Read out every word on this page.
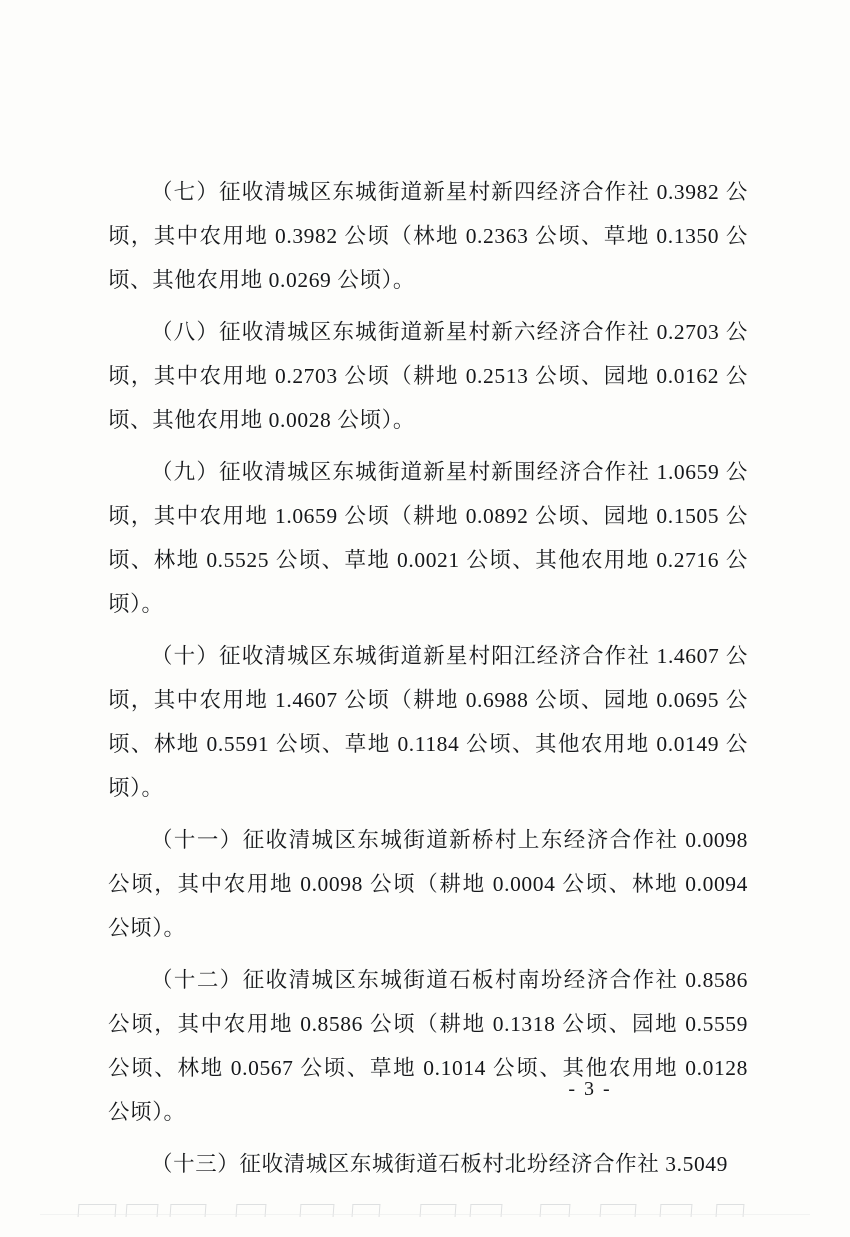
（七）征收清城区东城街道新星村新四经济合作社 0.3982 公顷，其中农用地 0.3982 公顷（林地 0.2363 公顷、草地 0.1350 公顷、其他农用地 0.0269 公顷）。

（八）征收清城区东城街道新星村新六经济合作社 0.2703 公顷，其中农用地 0.2703 公顷（耕地 0.2513 公顷、园地 0.0162 公顷、其他农用地 0.0028 公顷）。

（九）征收清城区东城街道新星村新围经济合作社 1.0659 公顷，其中农用地 1.0659 公顷（耕地 0.0892 公顷、园地 0.1505 公顷、林地 0.5525 公顷、草地 0.0021 公顷、其他农用地 0.2716 公顷）。

（十）征收清城区东城街道新星村阳江经济合作社 1.4607 公顷，其中农用地 1.4607 公顷（耕地 0.6988 公顷、园地 0.0695 公顷、林地 0.5591 公顷、草地 0.1184 公顷、其他农用地 0.0149 公顷）。

（十一）征收清城区东城街道新桥村上东经济合作社 0.0098 公顷，其中农用地 0.0098 公顷（耕地 0.0004 公顷、林地 0.0094 公顷）。

（十二）征收清城区东城街道石板村南坋经济合作社 0.8586 公顷，其中农用地 0.8586 公顷（耕地 0.1318 公顷、园地 0.5559 公顷、林地 0.0567 公顷、草地 0.1014 公顷、其他农用地 0.0128 公顷）。

（十三）征收清城区东城街道石板村北坋经济合作社 3.5049

- 3 -
